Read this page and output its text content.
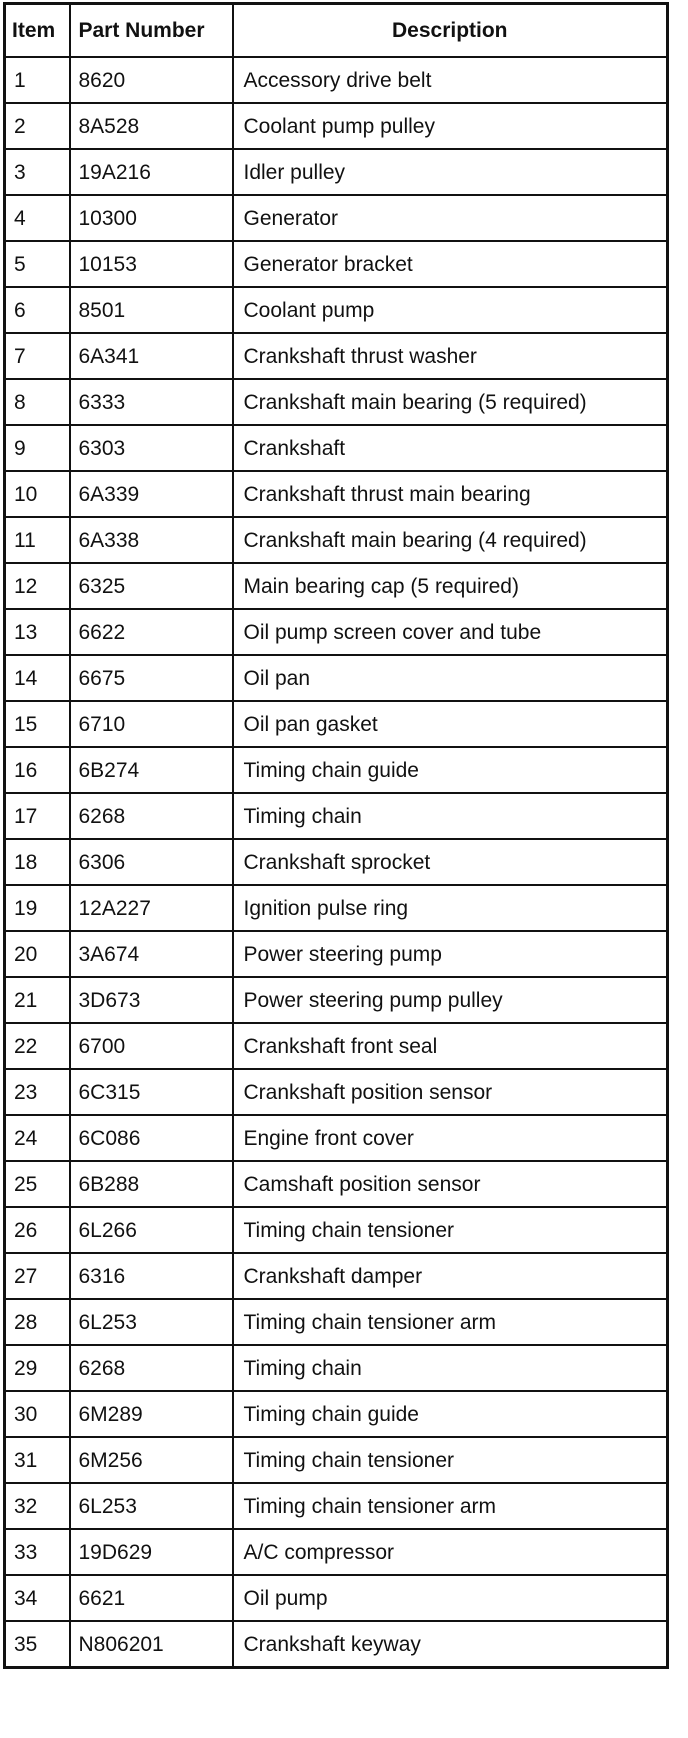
Item	Part Number	Description
1	8620	Accessory drive belt
2	8A528	Coolant pump pulley
3	19A216	Idler pulley
4	10300	Generator
5	10153	Generator bracket
6	8501	Coolant pump
7	6A341	Crankshaft thrust washer
8	6333	Crankshaft main bearing (5 required)
9	6303	Crankshaft
10	6A339	Crankshaft thrust main bearing
11	6A338	Crankshaft main bearing (4 required)
12	6325	Main bearing cap (5 required)
13	6622	Oil pump screen cover and tube
14	6675	Oil pan
15	6710	Oil pan gasket
16	6B274	Timing chain guide
17	6268	Timing chain
18	6306	Crankshaft sprocket
19	12A227	Ignition pulse ring
20	3A674	Power steering pump
21	3D673	Power steering pump pulley
22	6700	Crankshaft front seal
23	6C315	Crankshaft position sensor
24	6C086	Engine front cover
25	6B288	Camshaft position sensor
26	6L266	Timing chain tensioner
27	6316	Crankshaft damper
28	6L253	Timing chain tensioner arm
29	6268	Timing chain
30	6M289	Timing chain guide
31	6M256	Timing chain tensioner
32	6L253	Timing chain tensioner arm
33	19D629	A/C compressor
34	6621	Oil pump
35	N806201	Crankshaft keyway
